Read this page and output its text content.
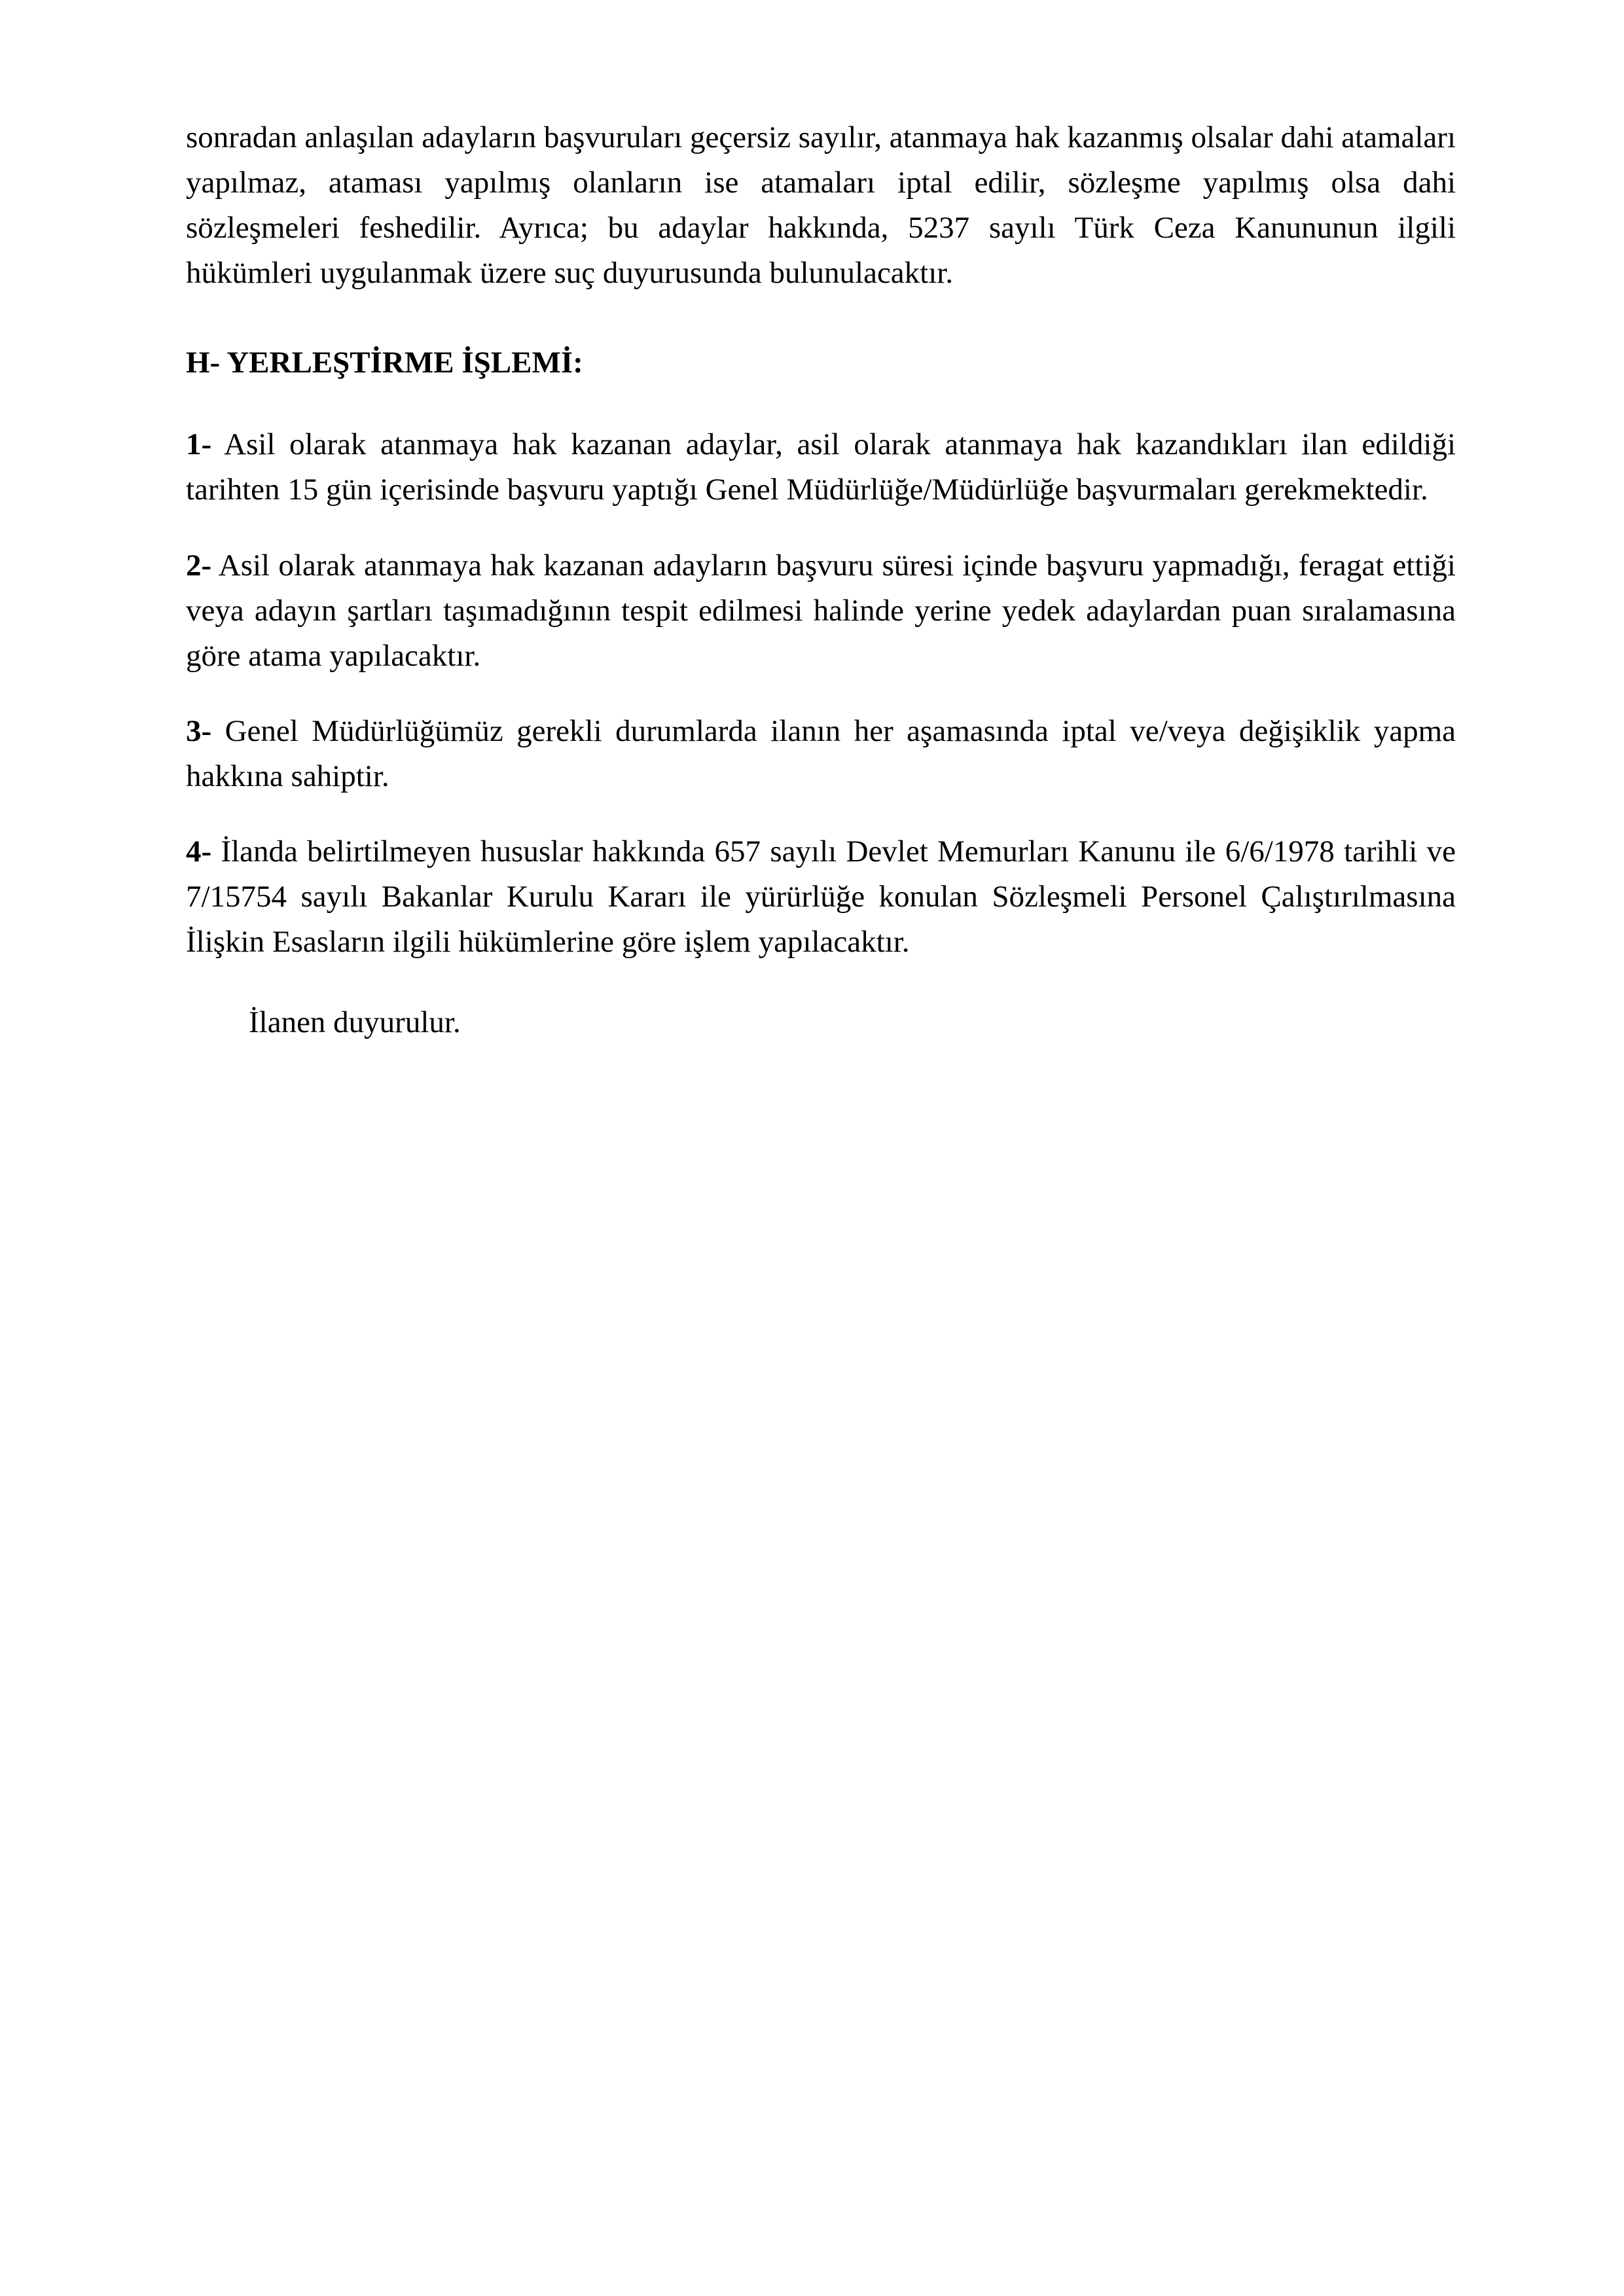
sonradan anlaşılan adayların başvuruları geçersiz sayılır, atanmaya hak kazanmış olsalar dahi atamaları yapılmaz, ataması yapılmış olanların ise atamaları iptal edilir, sözleşme yapılmış olsa dahi sözleşmeleri feshedilir. Ayrıca; bu adaylar hakkında, 5237 sayılı Türk Ceza Kanununun ilgili hükümleri uygulanmak üzere suç duyurusunda bulunulacaktır.

H- YERLEŞTİRME İŞLEMİ:

1- Asil olarak atanmaya hak kazanan adaylar, asil olarak atanmaya hak kazandıkları ilan edildiği tarihten 15 gün içerisinde başvuru yaptığı Genel Müdürlüğe/Müdürlüğe başvurmaları gerekmektedir.

2- Asil olarak atanmaya hak kazanan adayların başvuru süresi içinde başvuru yapmadığı, feragat ettiği veya adayın şartları taşımadığının tespit edilmesi halinde yerine yedek adaylardan puan sıralamasına göre atama yapılacaktır.

3- Genel Müdürlüğümüz gerekli durumlarda ilanın her aşamasında iptal ve/veya değişiklik yapma hakkına sahiptir.

4- İlanda belirtilmeyen hususlar hakkında 657 sayılı Devlet Memurları Kanunu ile 6/6/1978 tarihli ve 7/15754 sayılı Bakanlar Kurulu Kararı ile yürürlüğe konulan Sözleşmeli Personel Çalıştırılmasına İlişkin Esasların ilgili hükümlerine göre işlem yapılacaktır.

İlanen duyurulur.
